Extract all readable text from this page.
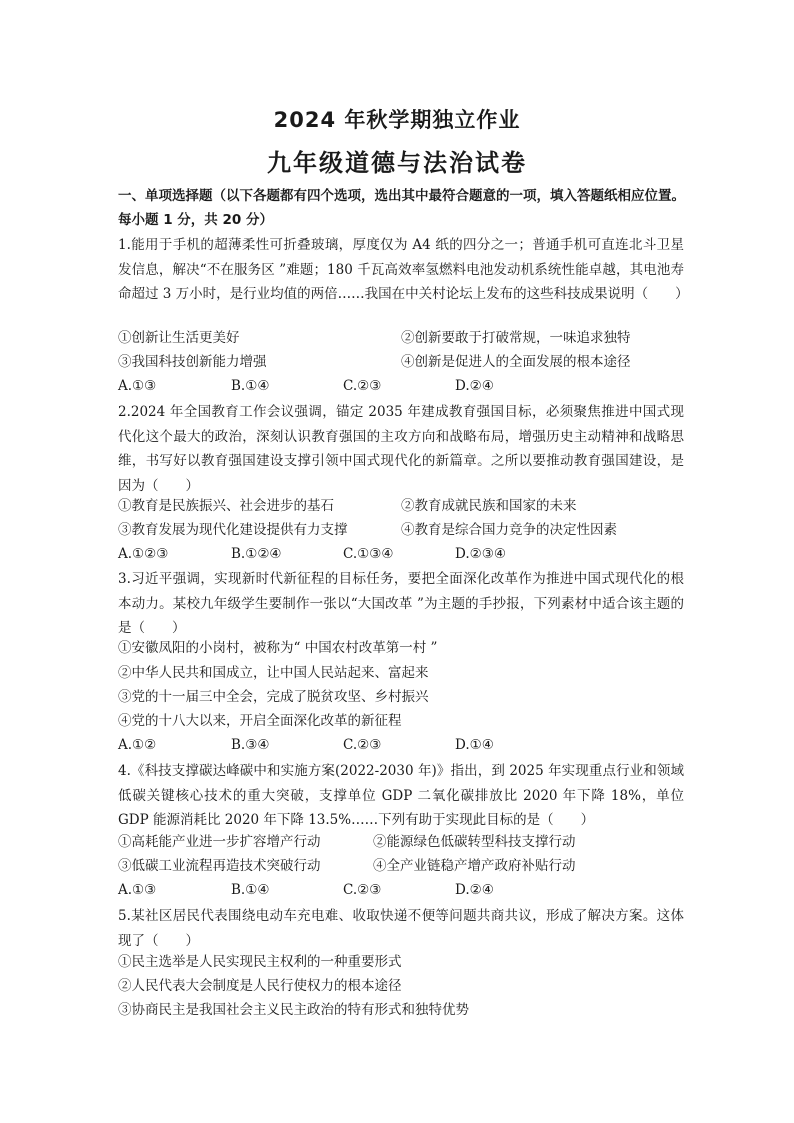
2024 年秋学期独立作业
九年级道德与法治试卷
一、单项选择题（以下各题都有四个选项，选出其中最符合题意的一项，填入答题纸相应位置。每小题 1 分，共 20 分）
1.能用于手机的超薄柔性可折叠玻璃，厚度仅为 A4 纸的四分之一；普通手机可直连北斗卫星发信息，解决“不在服务区 ”难题；180 千瓦高效率氢燃料电池发动机系统性能卓越，其电池寿命超过 3 万小时，是行业均值的两倍……我国在中关村论坛上发布的这些科技成果说明（　　）
①创新让生活更美好	②创新要敢于打破常规，一味追求独特
③我国科技创新能力增强	④创新是促进人的全面发展的根本途径
A.①③	B.①④	C.②③	D.②④
2.2024 年全国教育工作会议强调，锚定 2035 年建成教育强国目标，必须聚焦推进中国式现代化这个最大的政治，深刻认识教育强国的主攻方向和战略布局，增强历史主动精神和战略思维，书写好以教育强国建设支撑引领中国式现代化的新篇章。之所以要推动教育强国建设，是因为（　　）
①教育是民族振兴、社会进步的基石	②教育成就民族和国家的未来
③教育发展为现代化建设提供有力支撑	④教育是综合国力竞争的决定性因素
A.①②③	B.①②④	C.①③④	D.②③④
3.习近平强调，实现新时代新征程的目标任务，要把全面深化改革作为推进中国式现代化的根本动力。某校九年级学生要制作一张以“大国改革 ”为主题的手抄报，下列素材中适合该主题的是（　　）
①安徽凤阳的小岗村，被称为“ 中国农村改革第一村 ”
②中华人民共和国成立，让中国人民站起来、富起来
③党的十一届三中全会，完成了脱贫攻坚、乡村振兴
④党的十八大以来，开启全面深化改革的新征程
A.①②	B.③④	C.②③	D.①④
4.《科技支撑碳达峰碳中和实施方案(2022-2030 年)》指出，到 2025 年实现重点行业和领域低碳关键核心技术的重大突破，支撑单位 GDP 二氧化碳排放比 2020 年下降 18%，单位 GDP 能源消耗比 2020 年下降 13.5%……下列有助于实现此目标的是（　　）
①高耗能产业进一步扩容增产行动	②能源绿色低碳转型科技支撑行动
③低碳工业流程再造技术突破行动	④全产业链稳产增产政府补贴行动
A.①③	B.①④	C.②③	D.②④
5.某社区居民代表围绕电动车充电难、收取快递不便等问题共商共议，形成了解决方案。这体现了（　　）
①民主选举是人民实现民主权利的一种重要形式
②人民代表大会制度是人民行使权力的根本途径
③协商民主是我国社会主义民主政治的特有形式和独特优势
